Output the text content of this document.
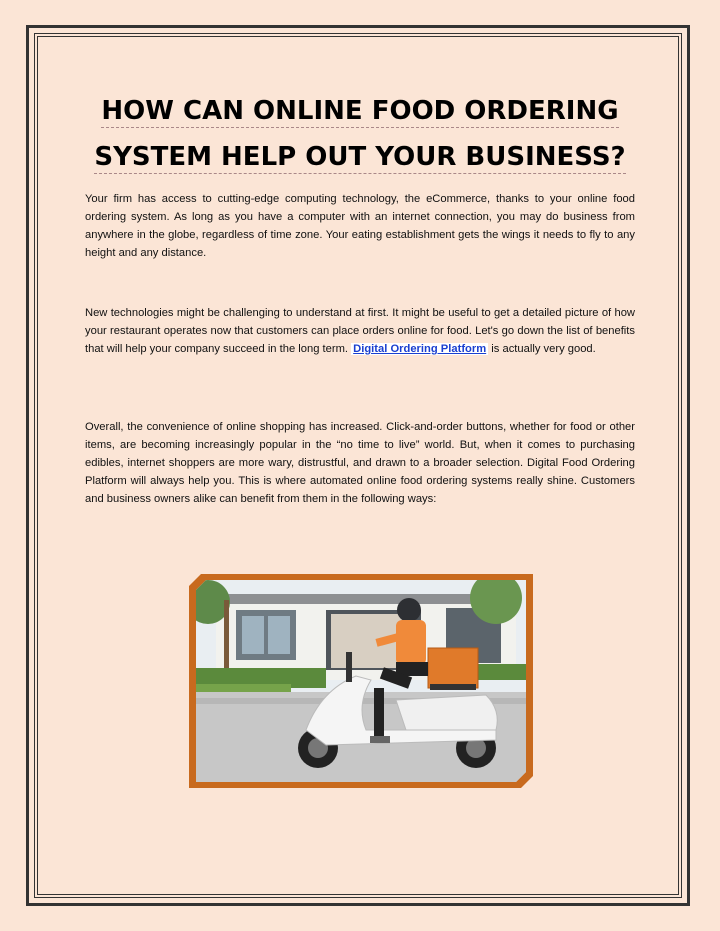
HOW CAN ONLINE FOOD ORDERING
SYSTEM HELP OUT YOUR BUSINESS?

Your firm has access to cutting-edge computing technology, the eCommerce, thanks to your online food ordering system. As long as you have a computer with an internet connection, you may do business from anywhere in the globe, regardless of time zone. Your eating establishment gets the wings it needs to fly to any height and any distance.

New technologies might be challenging to understand at first. It might be useful to get a detailed picture of how your restaurant operates now that customers can place orders online for food. Let's go down the list of benefits that will help your company succeed in the long term. Digital Ordering Platform is actually very good.

Overall, the convenience of online shopping has increased. Click-and-order buttons, whether for food or other items, are becoming increasingly popular in the “no time to live” world. But, when it comes to purchasing edibles, internet shoppers are more wary, distrustful, and drawn to a broader selection. Digital Food Ordering Platform will always help you. This is where automated online food ordering systems really shine. Customers and business owners alike can benefit from them in the following ways:
